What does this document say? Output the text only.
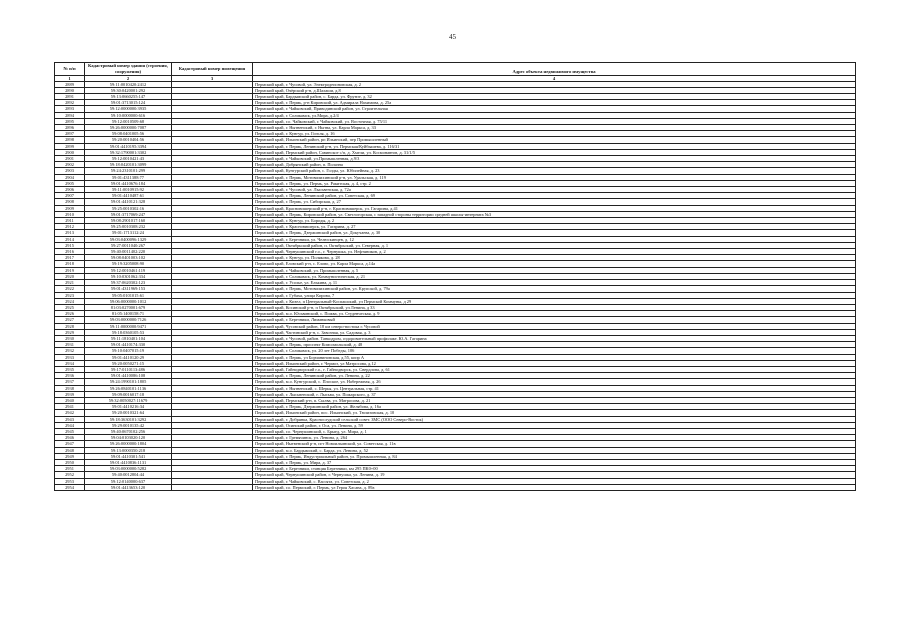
45
№ п/п	Кадастровый номер здания (строения, сооружения)	Кадастровый номер помещения	Адрес объекта недвижимого имущества
1	2	3	4
2889	59:11:0010420:2412		Пермский край, г. Чусовой, ул. Электродепоновская, д. 2
2890	59:30:0420001:292		Пермский край, Очёрский р-н, д.Шалаши, д.8
2891	59:13:0660255:147		Пермский край, Бардымский район, с. Барда, ул. Фрунзе, д. 32
2892	59:01:3713015:124		Пермский край, г. Пермь, р-н Кировский, ул. Адмирала Нахимова, д. 25а
2893	59:12:0000000:3935		Пермский край, г. Чайковский, Приводинский район, ул. Строительная
2894	59:10:0000000:616		Пермский край, г. Соликамск, ул.Мира, д.2/4
2895	59:12:0010509:68		Пермский край, г.о. Чайковский, г. Чайковский, ул. Восточная, д. 75/11
2896	59:26:0000000:7087		Пермский край, г. Нытвенский, г. Нытва, ул. Карла Маркса, д. 33
2897	59:08:0401005:56		Пермский край, г. Кунгур, ул. Гоголя, д. 16
2898	59:20:0010404:56		Пермский край, Ильинский район, рп Ильинский, пер Промышленный
2899	59:01:4410195:3394		Пермский край, г. Пермь, Ленинский р-н, ул. Пермская/Куйбышева, д. 116/31
2900	59:32:1790001:3302		Пермский край, Пермский район, Савинское с/п, д. Хмели, ул. Космонавтов, д. 31/1/5
2901	59:12:0010421:43		Пермский край, г. Чайковский, ул.Промышленная, д.9/3
2902	59:18:0420101:3099		Пермский край, Добрянский район, п. Полазна
2903	59:24:2310101:299		Пермский край, Кунгурский район, с. Голды, ул. Юбилейная, д. 23
2904	59:01:4311388:77		Пермский край, г. Пермь, Мотовилихинский р-н, ул. Уральская, д. 119
2905	59:01:4410676:184		Пермский край, г. Пермь, ул. Пермь, ул. Ракитская, д. 4, стр. 2
2906	59:11:0010915:92		Пермский край, г. Чусовой, ул. Лысьвенская, д. 72а
2907	59:01:4410487:61		Пермский край, г. Пермь, Ленинский район, ул. Советская, д. 69
2908	59:01:4410121:328		Пермский край, г. Пермь, ул. Сибирская, д. 27
2909	59:25:0010302:16		Пермский край, Красновишерский р-н, г. Красновишерск, ул. Гагарина, д.41
2910	59:01:3717069:247		Пермский край, г. Пермь, Кировский район, ул. Светлогорская, с западной стороны территории средней школы-интерната №3
2911	59:08:2901017:160		Пермский край, г. Кунгур, ул. Бороды, д. 2
2912	59:25:0010308:232		Пермский край, г. Красновишерск, ул. Гагарина, д. 27
2913	59:01:1713112:24		Пермский край, г. Пермь, Дзержинский район, ул. Докучаева, д. 30
2914	59:03:0400096:1329		Пермский край, г. Березники, ул. Челюскинцев, д. 12
2915	59:27:0011040:267		Пермский край, Октябрьский район, п. Октябрьский, ул. Северная, д. 1
2916	59:40:0011402:220		Пермский край, Чернушинский г.о., г. Чернушка, ул. Нефтяников, д. 2
2917	59:08:0401003:102		Пермский край, г. Кунгур, ул. Полякова, д. 28
2918	59:19:3205008:90		Пермский край, Еловский р-н, с. Елово, ул. Карла Маркса, д.14а
2919	59:12:0010461:119		Пермский край, г. Чайковский, ул. Промышленная, д. 5
2920	59:10:0301062:334		Пермский край, г. Соликамск, ул. Коммунистическая, д. 21
2921	59:37:0620302:123		Пермский край, г. Усолье, ул. Елькина, д. 11
2922	59:01:4311969:153		Пермский край, г. Пермь, Мотовилихинский район, ул. Крупской, д. 79а
2923	59:05:0101015:61		Пермский край, г. Губаха, улица Кирова, 7
2924	59:06:0000000:1012		Пермский край, г. Кизел, п Центральный-Коспашский, ул Пермской Коммуны, д 29
2925	81:03:0270001:679		Пермский край, Косинский р-н, п Октябрьский, ул Ленина, д 33
2926	81:05:1400158:71		Пермский край, м.о. Юсьвинский, с. Пожва, ул. Студенческая, д. 9
2927	59:03:0000000:7126		Пермский край, г. Березники, Лиманковый
2928	59:11:0000000:9471		Пермский край, Чусовской район, 18 км северо-востока г. Чусовой
2929	59:18:0360105:53		Пермский край, Частинский р-н, с. Завозная, ул. Садовая, д. 3
2930	59:11:1810401:104		Пермский край, г. Чусовой, район. Танкодром, оздоровительный профилакт. Ю.А. Гагарина
2931	59:01:4410174:330		Пермский край, г. Пермь, проспект Комсомольский, д. 48
2932	59:10:0407015:19		Пермский край, г. Соликамск, ул. 20 лет Победы, 106
2933	59:01:4410120:29		Пермский край, г. Пермь, ул Борчаниновская, д.55, копр А
2934	59:20:0050271:15		Пермский край, Ильинский район, г. Чермоз, ул Матросова, д.12
2935	59:17:0110113:486		Пермский край, Гайнодворский г.о., г. Гайнодворск, ул. Свердлова, д. 61
2936	59:01:4410086:108		Пермский край, г. Пермь, Ленинский район, ул. Ленина, д. 22
2937	59:24:1990101:1805		Пермский край, м.о. Кунгурский, с. Плоское, ул. Набережная, д. 26
2938	59:26:0840101:1136		Пермский край, г. Нытвенский, с. Шерья, ул. Центральная, стр. 41
2939	59:09:0016017:18		Пермский край, г. Лысьвенский, г. Лысьва, ул. Пожарского, д. 37
2940	59:32:0050027:11679		Пермский край, Пермский р-н, п. Сылва, ул. Матросова, д. 21
2941	59:01:4410216:34		Пермский край, г. Пермь, Дзержинский район, ул. Желябова, д. 16а
2942	59:20:0010321:64		Пермский край, Ильинский район, пос. Ильинский, ул. Тюлизовская, д. 10
2943	59:18:3630101:3292		Пермский край, г. Добрянка, Краснослудский сельский совет. ЗМС (ООО Северо-Восток)
2944	59:29:0010135:42		Пермский край, Осинский район, г. Оса, ул. Ленина, д. 59
2945	59:40:0670102:256		Пермский край, г.о. Чернушинский, с. Брыед, ул. Мира, д. 1
2946	59:04:0103020:120		Пермский край, г. Гремячинск, ул. Ленина, д. 264
2947	59:26:0000000:1804		Пермский край, Нытвенский р-н, пгт Новоильинский, ул. Советская, д. 11в
2948	59:13:0000350:218		Пермский край, м.о. Бардымский, с. Барда, ул. Ленина, д. 52
2949	59:01:4410301:541		Пермский край, г. Пермь, Индустриальный район, ул. Промышленная, д. 84
2950	59:01:4410836:1131		Пермский край, г. Пермь, ул. Мира, д. 37
2951	59:03:0000000:5282		Пермский край, г. Березники, станция Березники, км 295 ПК0+00
2952	59:40:0012804:44		Пермский край, Чернушинский район, г. Чернушка, ул. Ленина, д. 19
2953	59:12:0140000:637		Пермский край, г. Чайковский, с. Вассята, ул. Советская, д. 2
2954	59:01:4413653:120		Пермский край, г.о. Пермский, г. Пермь, ул Героя Хасана, д. 89а
